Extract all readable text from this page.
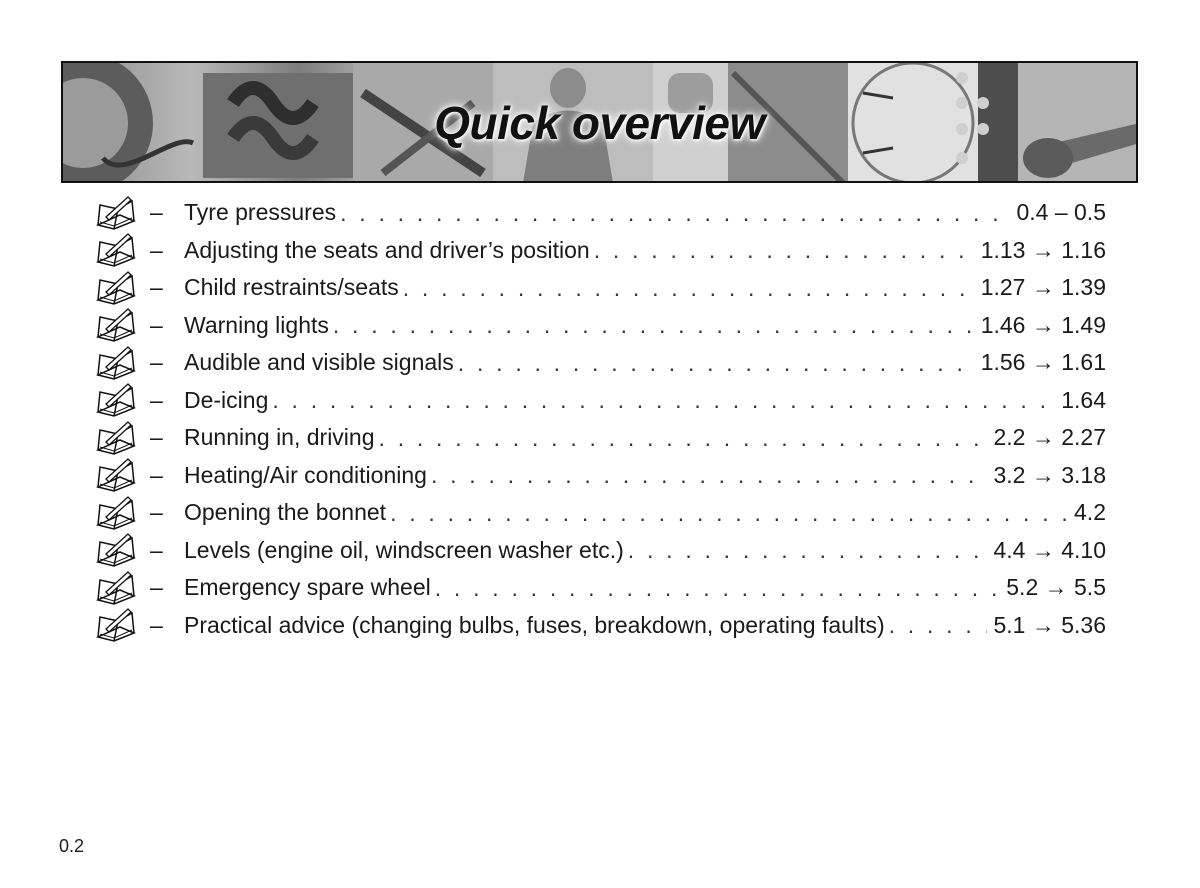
Quick overview
– Tyre pressures . . .	0.4 – 0.5
– Adjusting the seats and driver’s position . . .	1.13 → 1.16
– Child restraints/seats . . .	1.27 → 1.39
– Warning lights . . .	1.46 → 1.49
– Audible and visible signals . . .	1.56 → 1.61
– De-icing . . .	1.64
– Running in, driving . . .	2.2 → 2.27
– Heating/Air conditioning . . .	3.2 → 3.18
– Opening the bonnet . . .	4.2
– Levels (engine oil, windscreen washer etc.) . . .	4.4 → 4.10
– Emergency spare wheel . . .	5.2 → 5.5
– Practical advice (changing bulbs, fuses, breakdown, operating faults) . . .	5.1 → 5.36
0.2
